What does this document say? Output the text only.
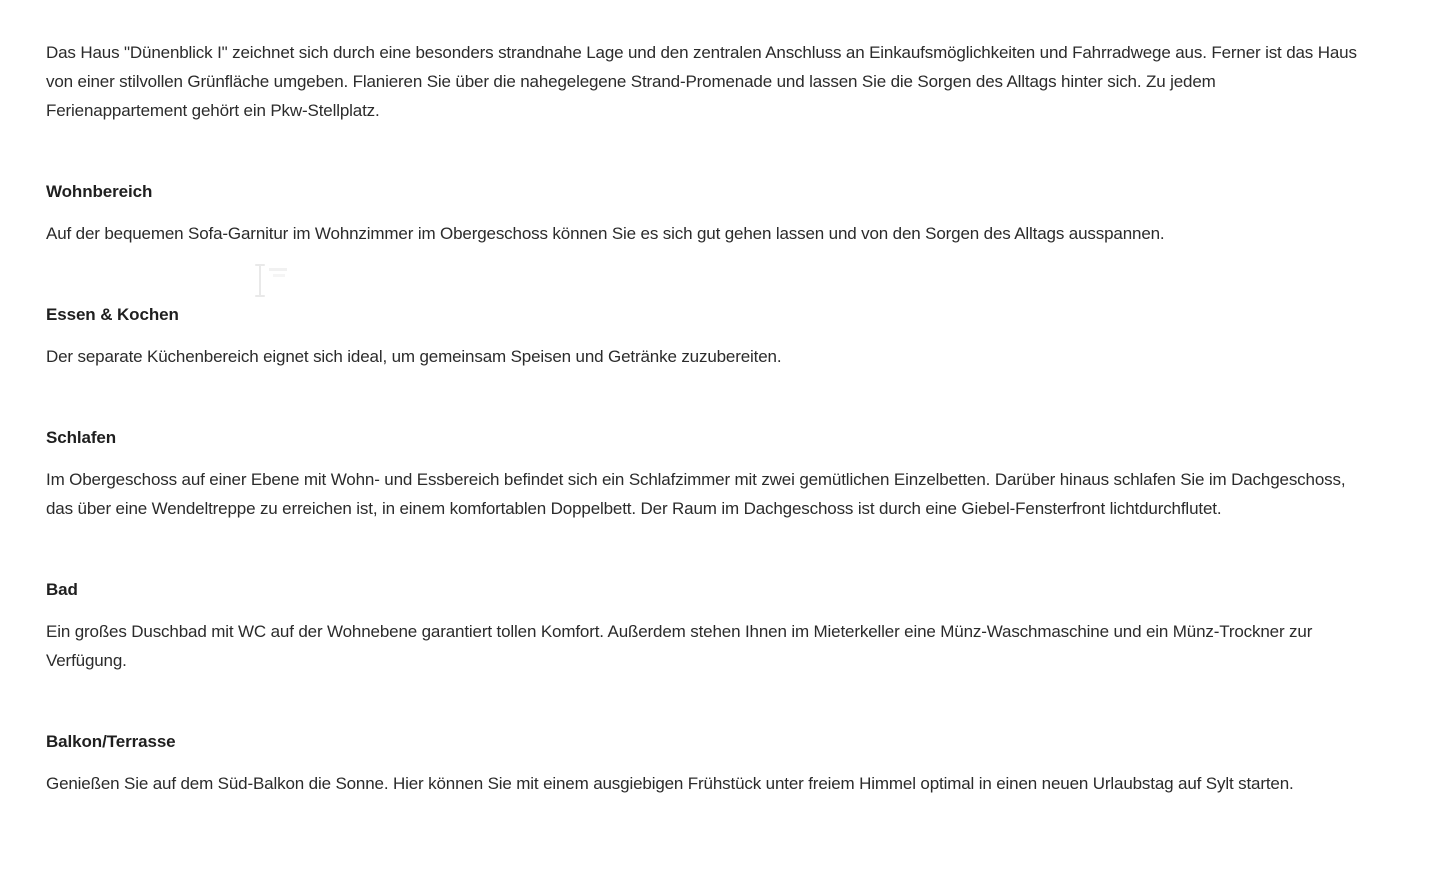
Das Haus "Dünenblick I" zeichnet sich durch eine besonders strandnahe Lage und den zentralen Anschluss an Einkaufsmöglichkeiten und Fahrradwege aus. Ferner ist das Haus von einer stilvollen Grünfläche umgeben. Flanieren Sie über die nahegelegene Strand-Promenade und lassen Sie die Sorgen des Alltags hinter sich. Zu jedem Ferienappartement gehört ein Pkw-Stellplatz.

Wohnbereich

Auf der bequemen Sofa-Garnitur im Wohnzimmer im Obergeschoss können Sie es sich gut gehen lassen und von den Sorgen des Alltags ausspannen.

Essen & Kochen

Der separate Küchenbereich eignet sich ideal, um gemeinsam Speisen und Getränke zuzubereiten.

Schlafen

Im Obergeschoss auf einer Ebene mit Wohn- und Essbereich befindet sich ein Schlafzimmer mit zwei gemütlichen Einzelbetten. Darüber hinaus schlafen Sie im Dachgeschoss, das über eine Wendeltreppe zu erreichen ist, in einem komfortablen Doppelbett. Der Raum im Dachgeschoss ist durch eine Giebel-Fensterfront lichtdurchflutet.

Bad

Ein großes Duschbad mit WC auf der Wohnebene garantiert tollen Komfort. Außerdem stehen Ihnen im Mieterkeller eine Münz-Waschmaschine und ein Münz-Trockner zur Verfügung.

Balkon/Terrasse

Genießen Sie auf dem Süd-Balkon die Sonne. Hier können Sie mit einem ausgiebigen Frühstück unter freiem Himmel optimal in einen neuen Urlaubstag auf Sylt starten.
